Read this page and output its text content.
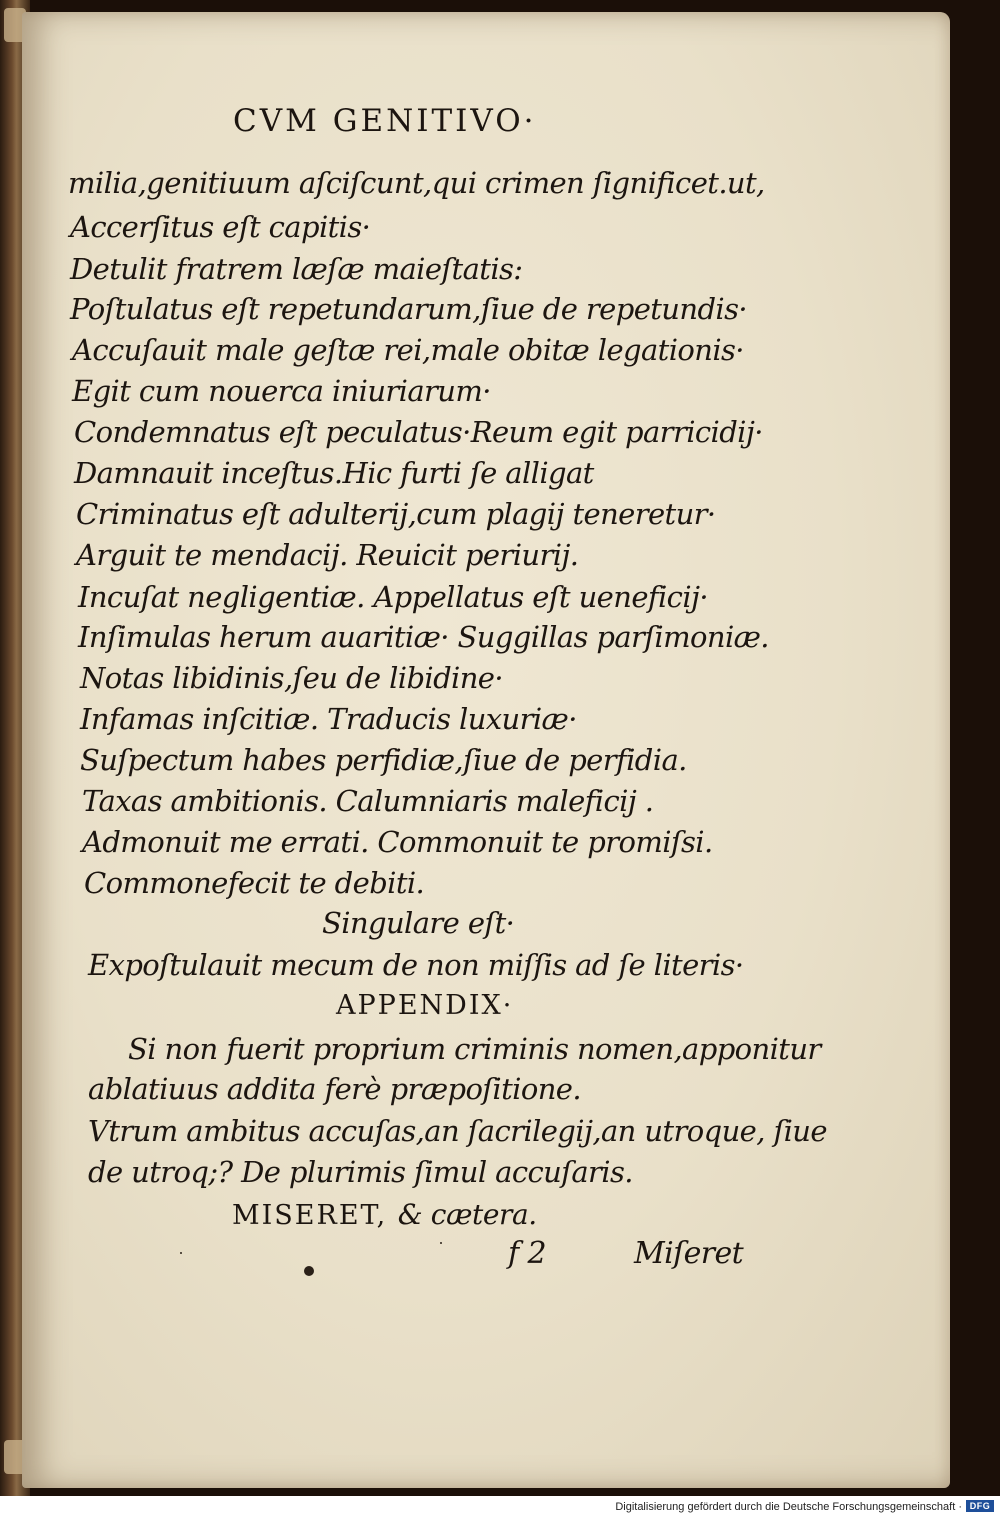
CVM GENITIVO·
milia,genitiuum aſciſcunt,qui crimen ſignificet.ut,
Accerſitus eſt capitis·
Detulit fratrem læſæ maieſtatis:
Poſtulatus eſt repetundarum,ſiue de repetundis·
Accuſauit male geſtæ rei,male obitæ legationis·
Egit cum nouerca iniuriarum·
Condemnatus eſt peculatus·Reum egit parricidij·
Damnauit inceſtus.Hic furti ſe alligat
Criminatus eſt adulterij,cum plagij teneretur·
Arguit te mendacij. Reuicit periurij.
Incuſat negligentiæ. Appellatus eſt ueneficij·
Inſimulas herum auaritiæ· Suggillas parſimoniæ.
Notas libidinis,ſeu de libidine·
Infamas inſcitiæ. Traducis luxuriæ·
Suſpectum habes perfidiæ,ſiue de perfidia.
Taxas ambitionis. Calumniaris maleficij .
Admonuit me errati. Commonuit te promiſsi.
Commonefecit te debiti.
Singulare eſt·
Expoſtulauit mecum de non miſſis ad ſe literis·
APPENDIX·
Si non fuerit proprium criminis nomen,apponitur
ablatiuus addita ferè præpoſitione.
Vtrum ambitus accuſas,an ſacrilegij,an utroque, ſiue
de utroq;? De plurimis ſimul accuſaris.
MISERET, & cætera.
f 2	Miſeret
Digitalisierung gefördert durch die Deutsche Forschungsgemeinschaft · DFG
